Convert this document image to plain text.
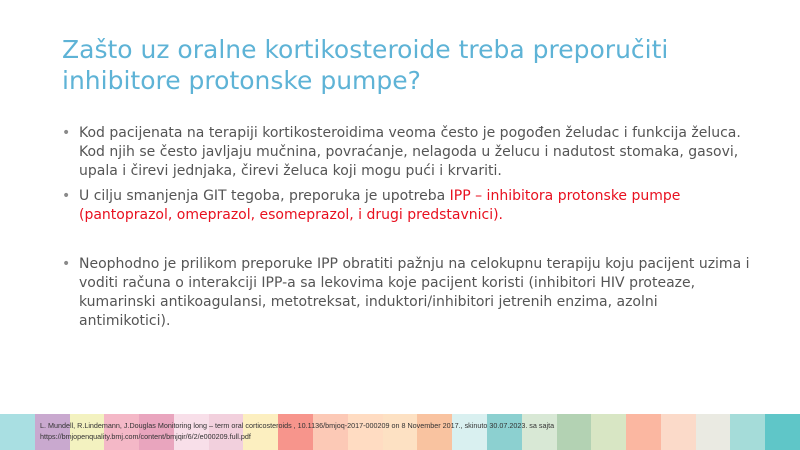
Zašto uz oralne kortikosteroide treba preporučiti inhibitore protonske pumpe?
• Kod pacijenata na terapiji kortikosteroidima veoma često je pogođen želudac i funkcija želuca. Kod njih se često javljaju mučnina, povraćanje, nelagoda u želucu i nadutost stomaka, gasovi, upala i čirevi jednjaka, čirevi želuca koji mogu pući i krvariti.
• U cilju smanjenja GIT tegoba, preporuka je upotreba IPP – inhibitora protonske pumpe (pantoprazol, omeprazol, esomeprazol, i drugi predstavnici).
• Neophodno je prilikom preporuke IPP obratiti pažnju na celokupnu terapiju koju pacijent uzima i voditi računa o interakciji IPP-a sa lekovima koje pacijent koristi (inhibitori HIV proteaze, kumarinski antikoagulansi, metotreksat, induktori/inhibitori jetrenih enzima, azolni antimikotici).
L. Mundell, R.Lindemann, J.Douglas Monitoring long – term oral corticosteroids , 10.1136/bmjoq-2017-000209 on 8 November 2017., skinuto 30.07.2023. sa sajta
https://bmjopenquality.bmj.com/content/bmjqir/6/2/e000209.full.pdf
